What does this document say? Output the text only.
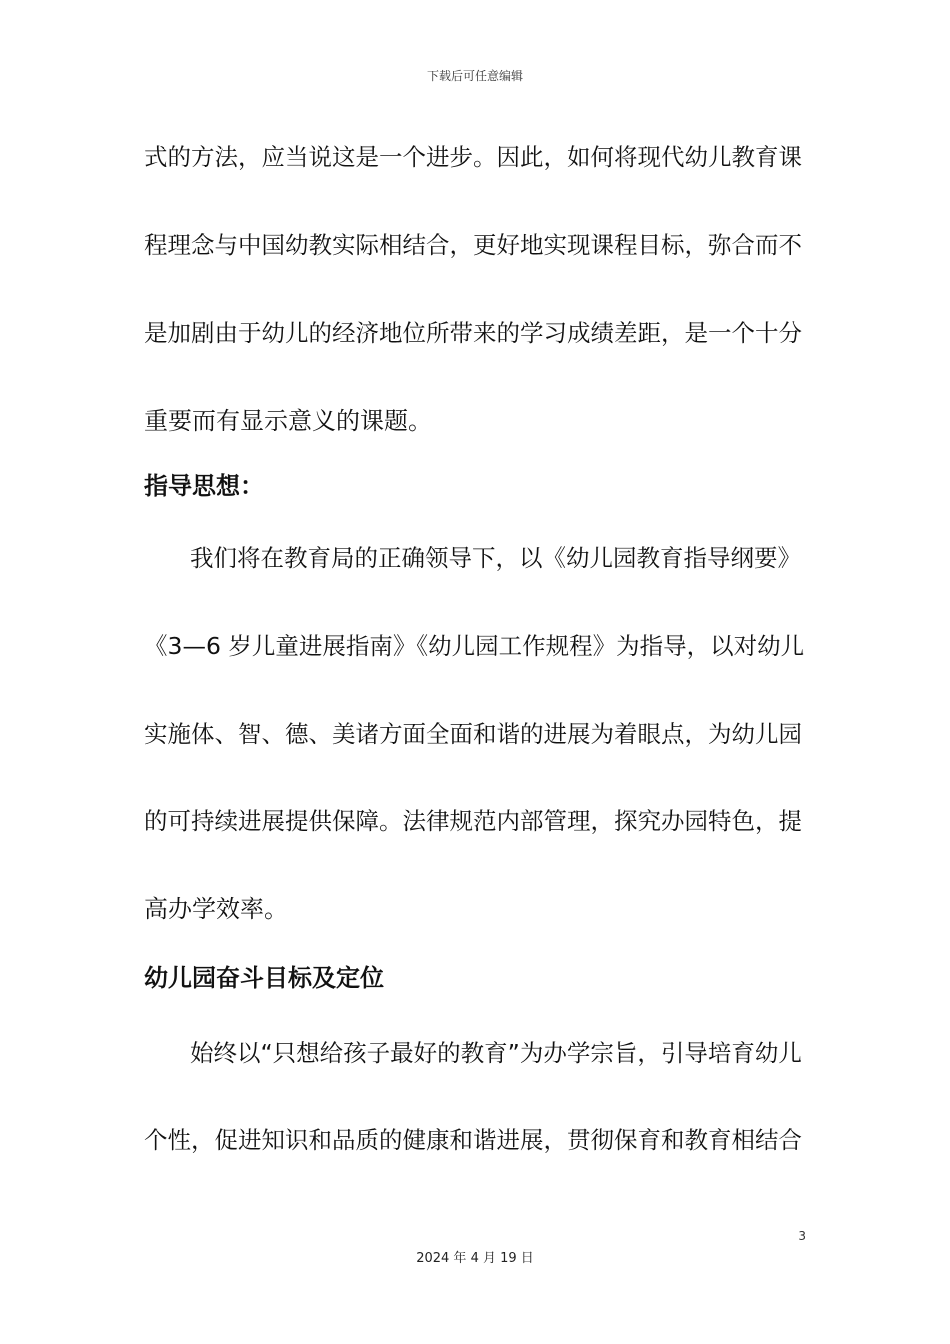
下载后可任意编辑
式的方法，应当说这是一个进步。因此，如何将现代幼儿教育课
程理念与中国幼教实际相结合，更好地实现课程目标，弥合而不
是加剧由于幼儿的经济地位所带来的学习成绩差距，是一个十分
重要而有显示意义的课题。
指导思想：
我们将在教育局的正确领导下，以《幼儿园教育指导纲要》
《3—6 岁儿童进展指南》《幼儿园工作规程》为指导，以对幼儿
实施体、智、德、美诸方面全面和谐的进展为着眼点，为幼儿园
的可持续进展提供保障。法律规范内部管理，探究办园特色，提
高办学效率。
幼儿园奋斗目标及定位
始终以“只想给孩子最好的教育”为办学宗旨，引导培育幼儿
个性，促进知识和品质的健康和谐进展，贯彻保育和教育相结合
3
2024 年 4 月 19 日
